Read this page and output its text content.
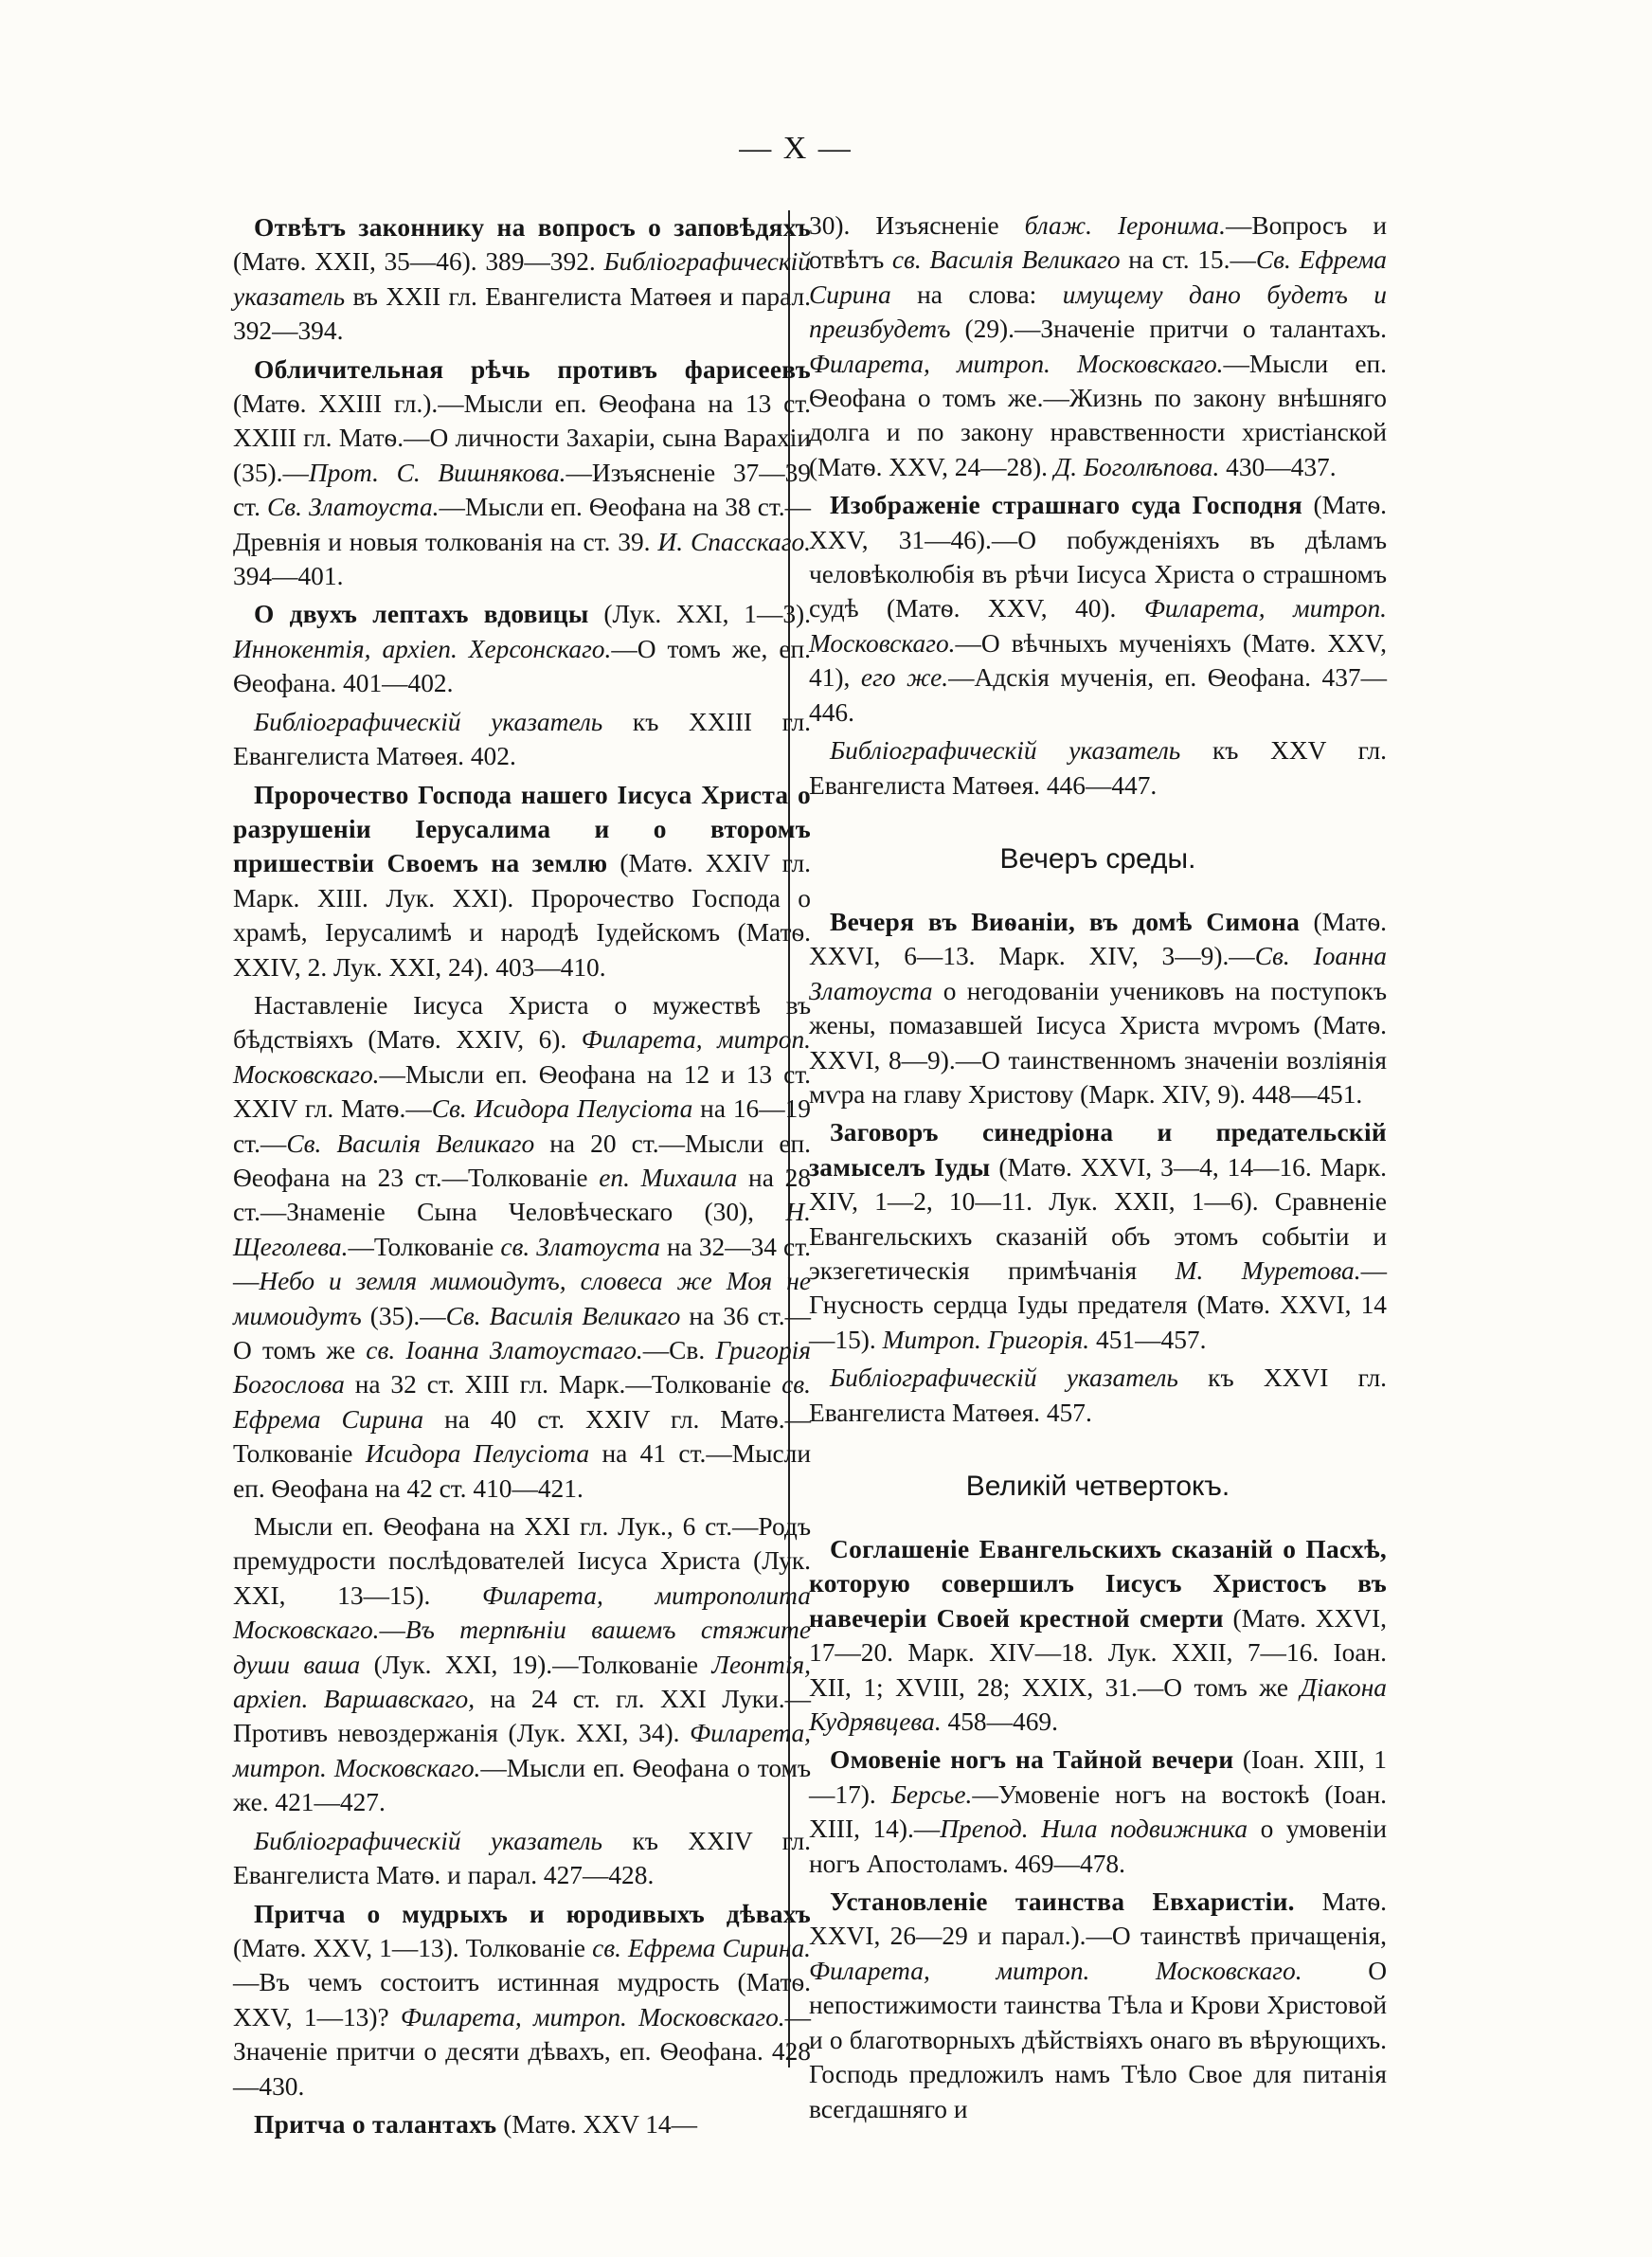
— X —

Отвѣтъ законнику на вопросъ о заповѣдяхъ (Матѳ. XXII, 35—46). 389—392. Библіографическій указатель въ XXII гл. Евангелиста Матѳея и парал. 392—394.

Обличительная рѣчь противъ фарисеевъ (Матѳ. XXIII гл.).—Мысли еп. Ѳеофана на 13 ст. XXIII гл. Матѳ.—О личности Захаріи, сына Варахіи (35).—Прот. С. Вишнякова.—Изъясненіе 37—39 ст. Св. Златоуста.—Мысли еп. Ѳеофана на 38 ст.—Древнія и новыя толкованія на ст. 39. И. Спасскаго. 394—401.

О двухъ лептахъ вдовицы (Лук. XXI, 1—3). Иннокентія, архіеп. Херсонскаго.—О томъ же, еп. Ѳеофана. 401—402.

Библіографическій указатель къ XXIII гл. Евангелиста Матѳея. 402.

Пророчество Господа нашего Іисуса Христа о разрушеніи Іерусалима и о второмъ пришествіи Своемъ на землю (Матѳ. XXIV гл. Марк. XIII. Лук. XXI). Пророчество Господа о храмѣ, Іерусалимѣ и народѣ Іудейскомъ (Матѳ. XXIV, 2. Лук. XXI, 24). 403—410.

Наставленіе Іисуса Христа о мужествѣ въ бѣдствіяхъ (Матѳ. XXIV, 6). Филарета, митроп. Московскаго.—Мысли еп. Ѳеофана на 12 и 13 ст. XXIV гл. Матѳ.—Св. Исидора Пелусіота на 16—19 ст.—Св. Василія Великаго на 20 ст.—Мысли еп. Ѳеофана на 23 ст.—Толкованіе еп. Михаила на 28 ст.—Знаменіе Сына Человѣческаго (30), Н. Щеголева.—Толкованіе св. Златоуста на 32—34 ст.—Небо и земля мимоидутъ, словеса же Моя не мимоидутъ (35).—Св. Василія Великаго на 36 ст.—О томъ же св. Іоанна Златоустаго.—Св. Григорія Богослова на 32 ст. XIII гл. Марк.—Толкованіе св. Ефрема Сирина на 40 ст. XXIV гл. Матѳ.—Толкованіе Исидора Пелусіота на 41 ст.—Мысли еп. Ѳеофана на 42 ст. 410—421.

Мысли еп. Ѳеофана на XXI гл. Лук., 6 ст.—Родъ премудрости послѣдователей Іисуса Христа (Лук. XXI, 13—15). Филарета, митрополита Московскаго.—Въ терпѣніи вашемъ стяжите души ваша (Лук. XXI, 19).—Толкованіе Леонтія, архіеп. Варшавскаго, на 24 ст. гл. XXI Луки.—Противъ невоздержанія (Лук. XXI, 34). Филарета, митроп. Московскаго.—Мысли еп. Ѳеофана о томъ же. 421—427.

Библіографическій указатель къ XXIV гл. Евангелиста Матѳ. и парал. 427—428.

Притча о мудрыхъ и юродивыхъ дѣвахъ (Матѳ. XXV, 1—13). Толкованіе св. Ефрема Сирина.—Въ чемъ состоитъ истинная мудрость (Матѳ. XXV, 1—13)? Филарета, митроп. Московскаго.—Значеніе притчи о десяти дѣвахъ, еп. Ѳеофана. 428—430.

Притча о талантахъ (Матѳ. XXV 14—

30). Изъясненіе блаж. Іеронима.—Вопросъ и отвѣтъ св. Василія Великаго на ст. 15.—Св. Ефрема Сирина на слова: имущему дано будетъ и преизбудетъ (29).—Значеніе притчи о талантахъ. Филарета, митроп. Московскаго.—Мысли еп. Ѳеофана о томъ же.—Жизнь по закону внѣшняго долга и по закону нравственности христіанской (Матѳ. XXV, 24—28). Д. Боголѣпова. 430—437.

Изображеніе страшнаго суда Господня (Матѳ. XXV, 31—46).—О побужденіяхъ въ дѣламъ человѣколюбія въ рѣчи Іисуса Христа о страшномъ судѣ (Матѳ. XXV, 40). Филарета, митроп. Московскаго.—О вѣчныхъ мученіяхъ (Матѳ. XXV, 41), его же.—Адскія мученія, еп. Ѳеофана. 437—446.

Библіографическій указатель къ XXV гл. Евангелиста Матѳея. 446—447.

Вечеръ среды.

Вечеря въ Виѳаніи, въ домѣ Симона (Матѳ. XXVI, 6—13. Марк. XIV, 3—9).—Св. Іоанна Златоуста о негодованіи учениковъ на поступокъ жены, помазавшей Іисуса Христа мѵромъ (Матѳ. XXVI, 8—9).—О таинственномъ значеніи возліянія мѵра на главу Христову (Марк. XIV, 9). 448—451.

Заговоръ синедріона и предательскій замыселъ Іуды (Матѳ. XXVI, 3—4, 14—16. Марк. XIV, 1—2, 10—11. Лук. XXII, 1—6). Сравненіе Евангельскихъ сказаній объ этомъ событіи и экзегетическія примѣчанія М. Муретова.—Гнусность сердца Іуды предателя (Матѳ. XXVI, 14—15). Митроп. Григорія. 451—457.

Библіографическій указатель къ XXVI гл. Евангелиста Матѳея. 457.

Великій четвертокъ.

Соглашеніе Евангельскихъ сказаній о Пасхѣ, которую совершилъ Іисусъ Христосъ въ навечеріи Своей крестной смерти (Матѳ. XXVI, 17—20. Марк. XIV—18. Лук. XXII, 7—16. Іоан. XII, 1; XVIII, 28; XXIX, 31.—О томъ же Діакона Кудрявцева. 458—469.

Омовеніе ногъ на Тайной вечери (Іоан. XIII, 1—17). Берсье.—Умовеніе ногъ на востокѣ (Іоан. XIII, 14).—Препод. Нила подвижника о умовеніи ногъ Апостоламъ. 469—478.

Установленіе таинства Евхаристіи. Матѳ. XXVI, 26—29 и парал.).—О таинствѣ причащенія, Филарета, митроп. Московскаго. О непостижимости таинства Тѣла и Крови Христовой и о благотворныхъ дѣйствіяхъ онаго въ вѣрующихъ. Господь предложилъ намъ Тѣло Свое для питанія всегдашняго и
